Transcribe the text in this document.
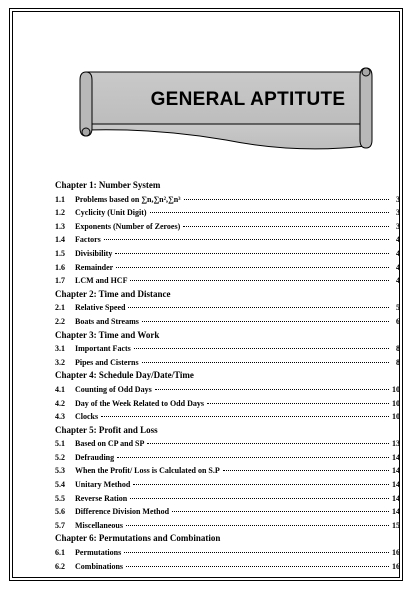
GENERAL APTITUTE
Chapter 1: Number System
1.1	Problems based on ∑n,∑n²,∑n³	3
1.2	Cyclicity (Unit Digit)	3
1.3	Exponents (Number of Zeroes)	3
1.4	Factors	4
1.5	Divisibility	4
1.6	Remainder	4
1.7	LCM and HCF	4
Chapter 2: Time and Distance
2.1	Relative Speed	5
2.2	Boats and Streams	6
Chapter 3: Time and Work
3.1	Important Facts	8
3.2	Pipes and Cisterns	8
Chapter 4: Schedule Day/Date/Time
4.1	Counting of Odd Days	10
4.2	Day of the Week Related to Odd Days	10
4.3	Clocks	10
Chapter 5: Profit and Loss
5.1	Based on CP and SP	13
5.2	Defrauding	14
5.3	When the Profit/ Loss is Calculated on S.P	14
5.4	Unitary Method	14
5.5	Reverse Ration	14
5.6	Difference Division Method	14
5.7	Miscellaneous	15
Chapter 6: Permutations and Combination
6.1	Permutations	16
6.2	Combinations	16
